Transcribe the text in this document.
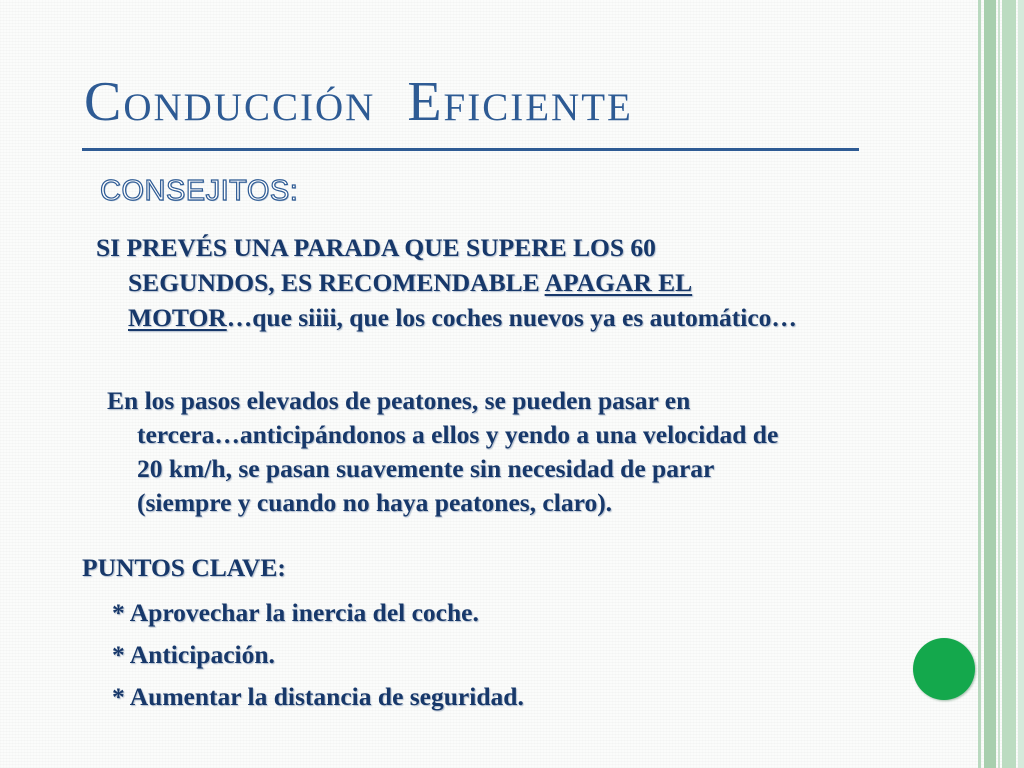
Conducción  Eficiente
CONSEJITOS:

SI PREVÉS UNA PARADA QUE SUPERE LOS 60
SEGUNDOS, ES RECOMENDABLE APAGAR EL
MOTOR…que siiii, que los coches nuevos ya es automático…

En los pasos elevados de peatones, se pueden pasar en
tercera…anticipándonos a ellos y yendo a una velocidad de
20 km/h, se pasan suavemente sin necesidad de parar
(siempre y cuando no haya peatones, claro).

PUNTOS CLAVE:
* Aprovechar la inercia del coche.
* Anticipación.
* Aumentar la distancia de seguridad.
